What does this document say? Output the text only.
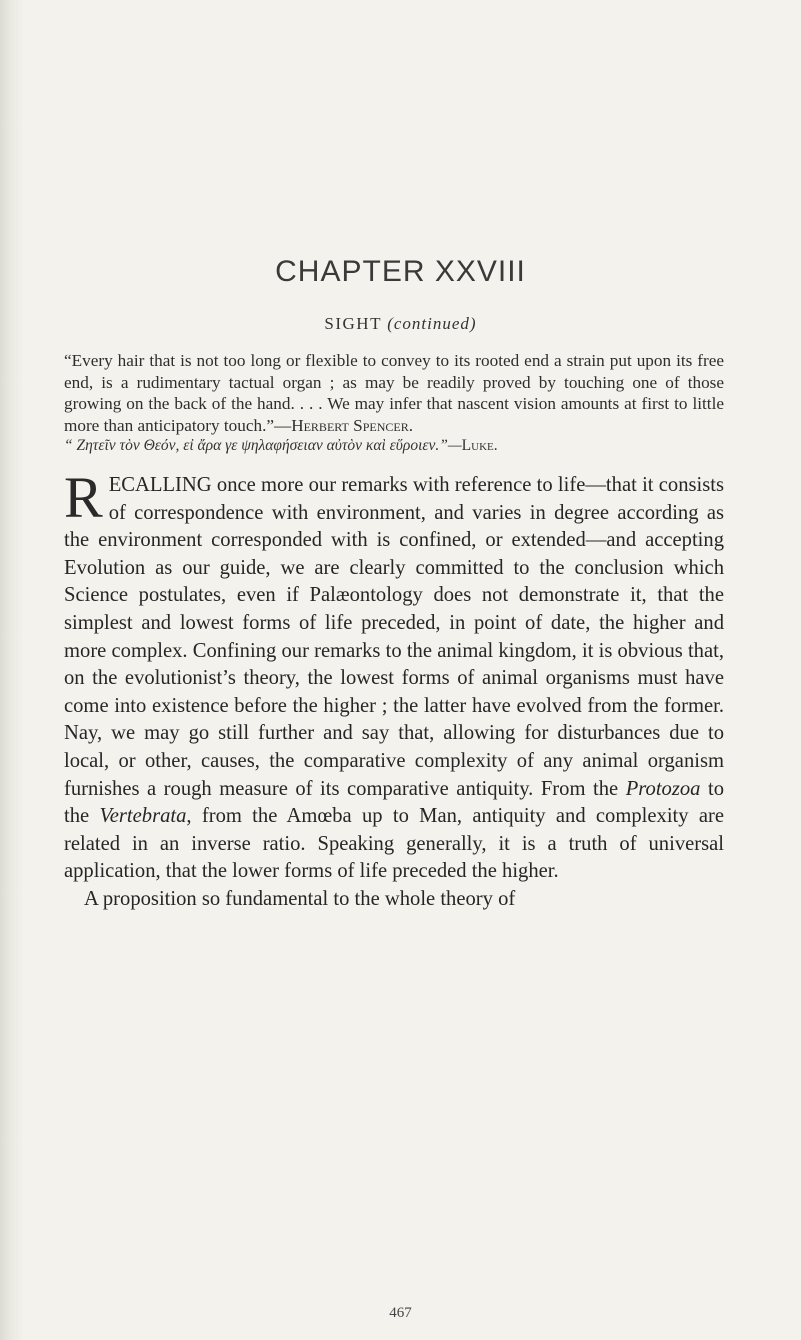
CHAPTER XXVIII
SIGHT (continued)
“Every hair that is not too long or flexible to convey to its rooted end a strain put upon its free end, is a rudimentary tactual organ ; as may be readily proved by touching one of those growing on the back of the hand. . . . We may infer that nascent vision amounts at first to little more than anticipatory touch.”—Herbert Spencer.
“ Ζητεῖν τὸν Θεόν, εἰ ἄρα γε ψηλαφήσειαν αὐτὸν καὶ εὕροιεν.”—Luke.

RECALLING once more our remarks with reference to life—that it consists of correspondence with environment, and varies in degree according as the environment corresponded with is confined, or extended—and accepting Evolution as our guide, we are clearly committed to the conclusion which Science postulates, even if Palæontology does not demonstrate it, that the simplest and lowest forms of life preceded, in point of date, the higher and more complex. Confining our remarks to the animal kingdom, it is obvious that, on the evolutionist’s theory, the lowest forms of animal organisms must have come into existence before the higher ; the latter have evolved from the former. Nay, we may go still further and say that, allowing for disturbances due to local, or other, causes, the comparative complexity of any animal organism furnishes a rough measure of its comparative antiquity. From the Protozoa to the Vertebrata, from the Amœba up to Man, antiquity and complexity are related in an inverse ratio. Speaking generally, it is a truth of universal application, that the lower forms of life preceded the higher.

A proposition so fundamental to the whole theory of

467
